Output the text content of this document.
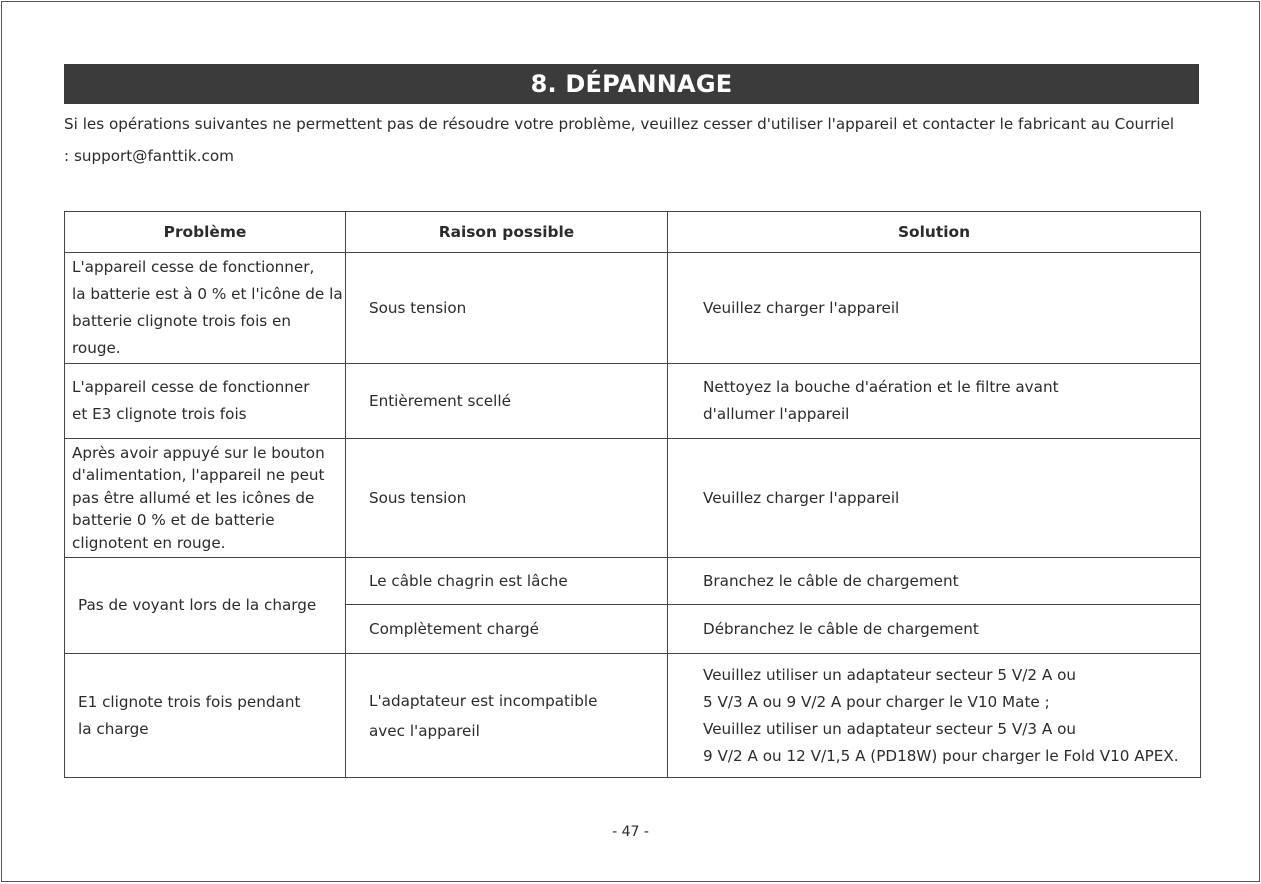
8. DÉPANNAGE
Si les opérations suivantes ne permettent pas de résoudre votre problème, veuillez cesser d'utiliser l'appareil et contacter le fabricant au Courriel
: support@fanttik.com
Problème	Raison possible	Solution

L'appareil cesse de fonctionner,
la batterie est à 0 % et l'icône de la
batterie clignote trois fois en
rouge.	Sous tension	Veuillez charger l'appareil

L'appareil cesse de fonctionner
et E3 clignote trois fois	Entièrement scellé	Nettoyez la bouche d'aération et le filtre avant
d'allumer l'appareil

Après avoir appuyé sur le bouton
d'alimentation, l'appareil ne peut
pas être allumé et les icônes de
batterie 0 % et de batterie
clignotent en rouge.	Sous tension	Veuillez charger l'appareil

Pas de voyant lors de la charge	Le câble chagrin est lâche	Branchez le câble de chargement

	Complètement chargé	Débranchez le câble de chargement

E1 clignote trois fois pendant
la charge	L'adaptateur est incompatible
avec l'appareil	Veuillez utiliser un adaptateur secteur 5 V/2 A ou
5 V/3 A ou 9 V/2 A pour charger le V10 Mate ;
Veuillez utiliser un adaptateur secteur 5 V/3 A ou
9 V/2 A ou 12 V/1,5 A (PD18W) pour charger le Fold V10 APEX.
- 47 -
